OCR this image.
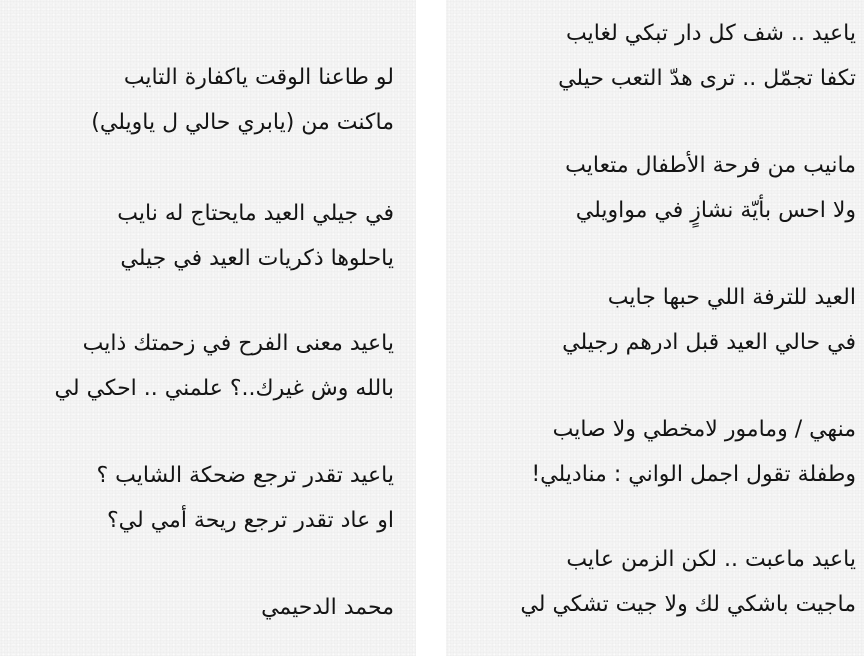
لو طاعنا الوقت ياكفارة التايب
ماكنت من (يابري حالي ل ياويلي)
في جيلي العيد مايحتاج له نايب
ياحلوها ذكريات العيد في جيلي
ياعيد معنى الفرح في زحمتك ذايب
بالله وش غيرك..؟ علمني .. احكي لي
ياعيد تقدر ترجع ضحكة الشايب ؟
او عاد تقدر ترجع ريحة أمي لي؟
محمد الدحيمي
ياعيد .. شف كل دار تبكي لغايب
تكفا تجمّل .. ترى هدّ التعب حيلي
مانيب من فرحة الأطفال متعايب
ولا احس بأيّة نشازٍ في مواويلي
العيد للترفة اللي حبها جايب
في حالي العيد قبل ادرهم رجيلي
منهي / ومامور لامخطي ولا صايب
وطفلة تقول اجمل الواني : مناديلي!
ياعيد ماعبت .. لكن الزمن عايب
ماجيت باشكي لك ولا جيت تشكي لي
